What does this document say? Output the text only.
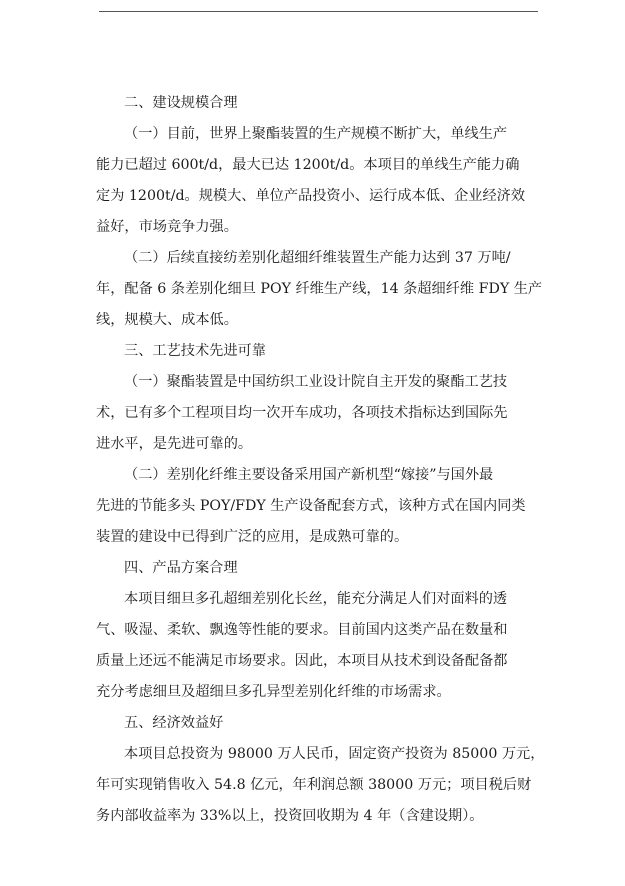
二、建设规模合理
（一）目前，世界上聚酯装置的生产规模不断扩大，单线生产
能力已超过 600t/d，最大已达 1200t/d。本项目的单线生产能力确
定为 1200t/d。规模大、单位产品投资小、运行成本低、企业经济效
益好，市场竞争力强。
（二）后续直接纺差别化超细纤维装置生产能力达到 37 万吨/
年，配备 6 条差别化细旦 POY 纤维生产线，14 条超细纤维 FDY 生产
线，规模大、成本低。
三、工艺技术先进可靠
（一）聚酯装置是中国纺织工业设计院自主开发的聚酯工艺技
术，已有多个工程项目均一次开车成功，各项技术指标达到国际先
进水平，是先进可靠的。
（二）差别化纤维主要设备采用国产新机型“嫁接”与国外最
先进的节能多头 POY/FDY 生产设备配套方式，该种方式在国内同类
装置的建设中已得到广泛的应用，是成熟可靠的。
四、产品方案合理
本项目细旦多孔超细差别化长丝，能充分满足人们对面料的透
气、吸湿、柔软、飘逸等性能的要求。目前国内这类产品在数量和
质量上还远不能满足市场要求。因此，本项目从技术到设备配备都
充分考虑细旦及超细旦多孔异型差别化纤维的市场需求。
五、经济效益好
本项目总投资为 98000 万人民币，固定资产投资为 85000 万元，
年可实现销售收入 54.8 亿元，年利润总额 38000 万元；项目税后财
务内部收益率为 33%以上，投资回收期为 4 年（含建设期）。
